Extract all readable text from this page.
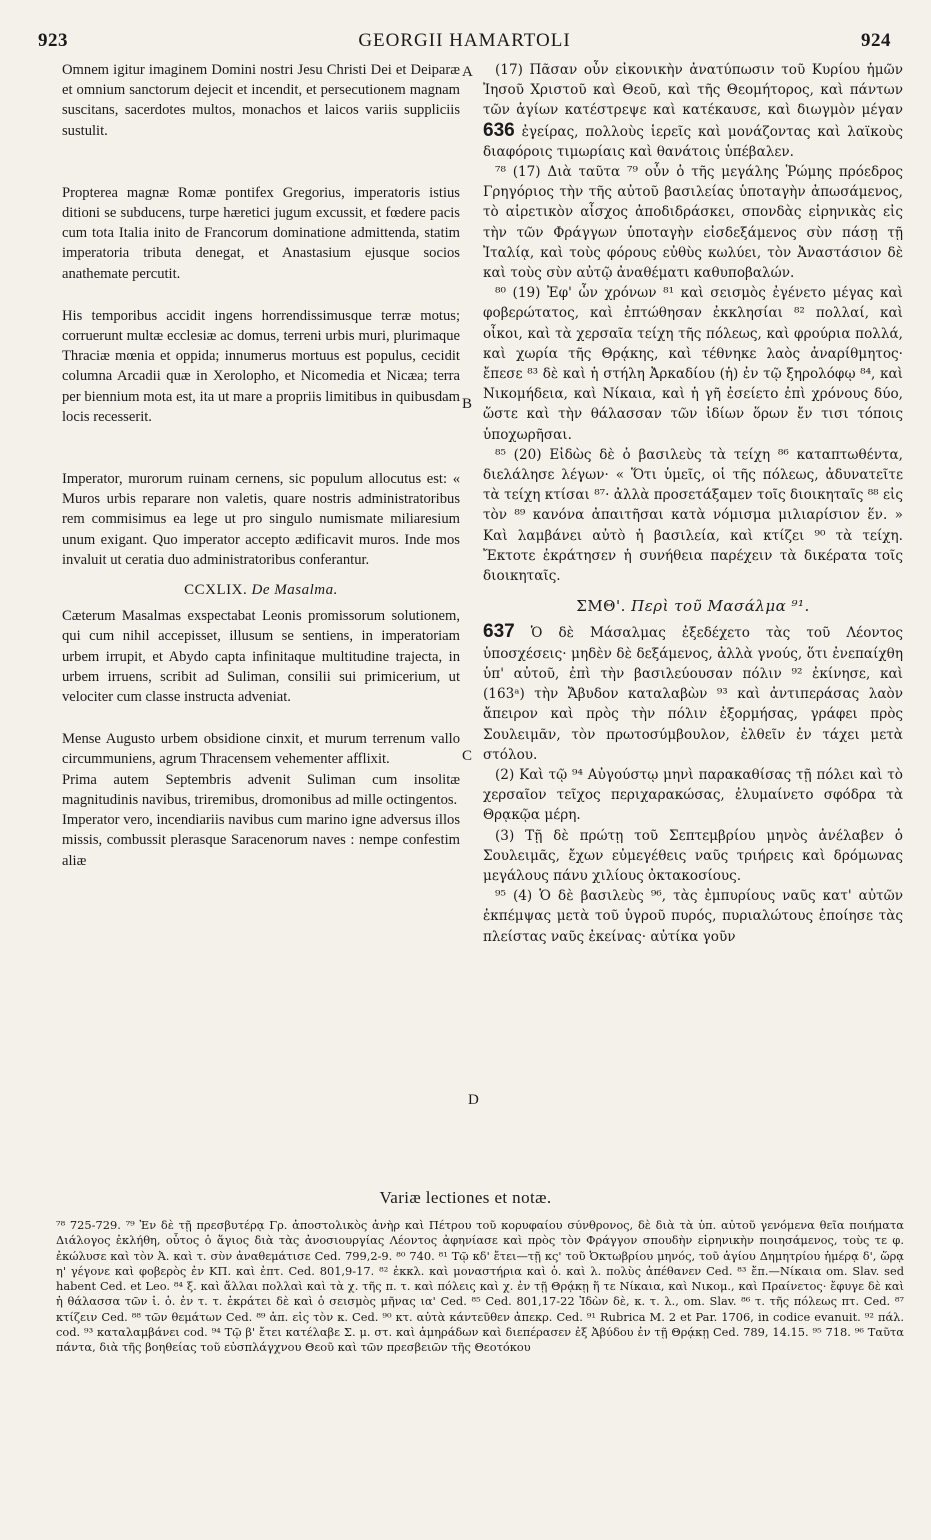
923	GEORGII HAMARTOLI	924
A
B
C
D

Omnem igitur imaginem Domini nostri Jesu Christi Dei et Deiparæ et omnium sanctorum dejecit et incendit, et persecutionem magnam suscitans, sacerdotes multos, monachos et laicos variis suppliciis sustulit.

Propterea magnæ Romæ pontifex Gregorius, imperatoris istius ditioni se subducens, turpe hæretici jugum excussit, et fœdere pacis cum tota Italia inito de Francorum dominatione admittenda, statim imperatoria tributa denegat, et Anastasium ejusque socios anathemate percutit.

His temporibus accidit ingens horrendissimusque terræ motus; corruerunt multæ ecclesiæ ac domus, terreni urbis muri, plurimaque Thraciæ mœnia et oppida; innumerus mortuus est populus, cecidit columna Arcadii quæ in Xerolopho, et Nicomedia et Nicæa; terra per biennium mota est, ita ut mare a propriis limitibus in quibusdam locis recesserit.

Imperator, murorum ruinam cernens, sic populum allocutus est: « Muros urbis reparare non valetis, quare nostris administratoribus rem commisimus ea lege ut pro singulo numismate miliaresium unum exigant. Quo imperator accepto ædificavit muros. Inde mos invaluit ut ceratia duo administratoribus conferantur.

CCXLIX. De Masalma.

Cæterum Masalmas exspectabat Leonis promissorum solutionem, qui cum nihil accepisset, illusum se sentiens, in imperatoriam urbem irrupit, et Abydo capta infinitaque multitudine trajecta, in urbem irruens, scribit ad Suliman, consilii sui primicerium, ut velociter cum classe instructa adveniat.

Mense Augusto urbem obsidione cinxit, et murum terrenum vallo circummuniens, agrum Thracensem vehementer afflixit.

Prima autem Septembris advenit Suliman cum insolitæ magnitudinis navibus, triremibus, dromonibus ad mille octingentos.

Imperator vero, incendiariis navibus cum marino igne adversus illos missis, combussit plerasque Saracenorum naves : nempe confestim aliæ

(17) Πᾶσαν οὖν εἰκονικὴν ἀνατύπωσιν τοῦ Κυρίου ἡμῶν Ἰησοῦ Χριστοῦ καὶ Θεοῦ, καὶ τῆς Θεομήτορος, καὶ πάντων τῶν ἁγίων κατέστρεψε καὶ κατέκαυσε, καὶ διωγμὸν μέγαν 636 ἐγείρας, πολλοὺς ἱερεῖς καὶ μονάζοντας καὶ λαϊκοὺς διαφόροις τιμωρίαις καὶ θανάτοις ὑπέβαλεν.

⁷⁸ (17) Διὰ ταῦτα ⁷⁹ οὖν ὁ τῆς μεγάλης Ῥώμης πρόεδρος Γρηγόριος τὴν τῆς αὐτοῦ βασιλείας ὑποταγὴν ἀπωσάμενος, τὸ αἱρετικὸν αἶσχος ἀποδιδράσκει, σπονδὰς εἰρηνικὰς εἰς τὴν τῶν Φράγγων ὑποταγὴν εἰσδεξάμενος σὺν πάσῃ τῇ Ἰταλίᾳ, καὶ τοὺς φόρους εὐθὺς κωλύει, τὸν Ἀναστάσιον δὲ καὶ τοὺς σὺν αὐτῷ ἀναθέματι καθυποβαλών.

⁸⁰ (19) Ἐφ' ὧν χρόνων ⁸¹ καὶ σεισμὸς ἐγένετο μέγας καὶ φοβερώτατος, καὶ ἐπτώθησαν ἐκκλησίαι ⁸² πολλαί, καὶ οἶκοι, καὶ τὰ χερσαῖα τείχη τῆς πόλεως, καὶ φρούρια πολλά, καὶ χωρία τῆς Θρᾴκης, καὶ τέθνηκε λαὸς ἀναρίθμητος· ἔπεσε ⁸³ δὲ καὶ ἡ στήλη Ἀρκαδίου (ἡ) ἐν τῷ ξηρολόφῳ ⁸⁴, καὶ Νικομήδεια, καὶ Νίκαια, καὶ ἡ γῆ ἐσείετο ἐπὶ χρόνους δύο, ὥστε καὶ τὴν θάλασσαν τῶν ἰδίων ὅρων ἔν τισι τόποις ὑποχωρῆσαι.

⁸⁵ (20) Εἰδὼς δὲ ὁ βασιλεὺς τὰ τείχη ⁸⁶ καταπτωθέντα, διελάλησε λέγων· « Ὅτι ὑμεῖς, οἱ τῆς πόλεως, ἀδυνατεῖτε τὰ τείχη κτίσαι ⁸⁷· ἀλλὰ προσετάξαμεν τοῖς διοικηταῖς ⁸⁸ εἰς τὸν ⁸⁹ κανόνα ἀπαιτῆσαι κατὰ νόμισμα μιλιαρίσιον ἕν. » Καὶ λαμβάνει αὐτὸ ἡ βασιλεία, καὶ κτίζει ⁹⁰ τὰ τείχη. Ἔκτοτε ἐκράτησεν ἡ συνήθεια παρέχειν τὰ δικέρατα τοῖς διοικηταῖς.

ΣΜΘ'. Περὶ τοῦ Μασάλμα ⁹¹.

637 Ὁ δὲ Μάσαλμας ἐξεδέχετο τὰς τοῦ Λέοντος ὑποσχέσεις· μηδὲν δὲ δεξάμενος, ἀλλὰ γνούς, ὅτι ἐνεπαίχθη ὑπ' αὐτοῦ, ἐπὶ τὴν βασιλεύουσαν πόλιν ⁹² ἐκίνησε, καὶ (163ᵃ) τὴν Ἄβυδον καταλαβὼν ⁹³ καὶ ἀντιπεράσας λαὸν ἄπειρον καὶ πρὸς τὴν πόλιν ἐξορμήσας, γράφει πρὸς Σουλειμᾶν, τὸν πρωτοσύμβουλον, ἐλθεῖν ἐν τάχει μετὰ στόλου.

(2) Καὶ τῷ ⁹⁴ Αὐγούστῳ μηνὶ παρακαθίσας τῇ πόλει καὶ τὸ χερσαῖον τεῖχος περιχαρακώσας, ἐλυμαίνετο σφόδρα τὰ Θρᾳκῷα μέρη.

(3) Τῇ δὲ πρώτῃ τοῦ Σεπτεμβρίου μηνὸς ἀνέλαβεν ὁ Σουλειμᾶς, ἔχων εὐμεγέθεις ναῦς τριήρεις καὶ δρόμωνας μεγάλους πάνυ χιλίους ὀκτακοσίους.

⁹⁵ (4) Ὁ δὲ βασιλεὺς ⁹⁶, τὰς ἐμπυρίους ναῦς κατ' αὐτῶν ἐκπέμψας μετὰ τοῦ ὑγροῦ πυρός, πυριαλώτους ἐποίησε τὰς πλείστας ναῦς ἐκείνας· αὐτίκα γοῦν

Variæ lectiones et notæ.

⁷⁸ 725-729. ⁷⁹ Ἐν δὲ τῇ πρεσβυτέρᾳ Γρ. ἀποστολικὸς ἀνὴρ καὶ Πέτρου τοῦ κορυφαίου σύνθρονος, δὲ διὰ τὰ ὑπ. αὐτοῦ γενόμενα θεῖα ποιήματα Διάλογος ἐκλήθη, οὗτος ὁ ἅγιος διὰ τὰς ἀνοσιουργίας Λέοντος ἀφηνίασε καὶ πρὸς τὸν Φράγγον σπουδὴν εἰρηνικὴν ποιησάμενος, τοὺς τε φ. ἐκώλυσε καὶ τὸν Ἀ. καὶ τ. σὺν ἀναθεμάτισε Ced. 799,2-9. ⁸⁰ 740. ⁸¹ Τῷ κδ' ἔτει—τῇ κς' τοῦ Ὀκτωβρίου μηνός, τοῦ ἁγίου Δημητρίου ἡμέρᾳ δ', ὥρᾳ η' γέγονε καὶ φοβερὸς ἐν ΚΠ. καὶ ἐπτ. Ced. 801,9-17. ⁸² ἐκκλ. καὶ μοναστήρια καὶ ὁ. καὶ λ. πολὺς ἀπέθανεν Ced. ⁸³ ἔπ.—Νίκαια om. Slav. sed habent Ced. et Leo. ⁸⁴ ξ. καὶ ἄλλαι πολλαὶ καὶ τὰ χ. τῆς π. τ. καὶ πόλεις καὶ χ. ἐν τῇ Θρᾴκῃ ἥ τε Νίκαια, καὶ Νικομ., καὶ Πραίνετος· ἔφυγε δὲ καὶ ἡ θάλασσα τῶν ἰ. ὁ. ἐν τ. τ. ἐκράτει δὲ καὶ ὁ σεισμὸς μῆνας ια' Ced. ⁸⁵ Ced. 801,17-22 Ἰδὼν δὲ, κ. τ. λ., om. Slav. ⁸⁶ τ. τῆς πόλεως πτ. Ced. ⁸⁷ κτίζειν Ced. ⁸⁸ τῶν θεμάτων Ced. ⁸⁹ ἀπ. εἰς τὸν κ. Ced. ⁹⁰ κτ. αὐτὰ κάντεῦθεν ἀπεκρ. Ced. ⁹¹ Rubrica M. 2 et Par. 1706, in codice evanuit. ⁹² πάλ. cod. ⁹³ καταλαμβάνει cod. ⁹⁴ Τῷ β' ἔτει κατέλαβε Σ. μ. στ. καὶ ἀμηράδων καὶ διεπέρασεν ἐξ Ἀβύδου ἐν τῇ Θρᾴκῃ Ced. 789, 14.15. ⁹⁵ 718. ⁹⁶ Ταῦτα πάντα, διὰ τῆς βοηθείας τοῦ εὐσπλάγχνου Θεοῦ καὶ τῶν πρεσβειῶν τῆς Θεοτόκου
